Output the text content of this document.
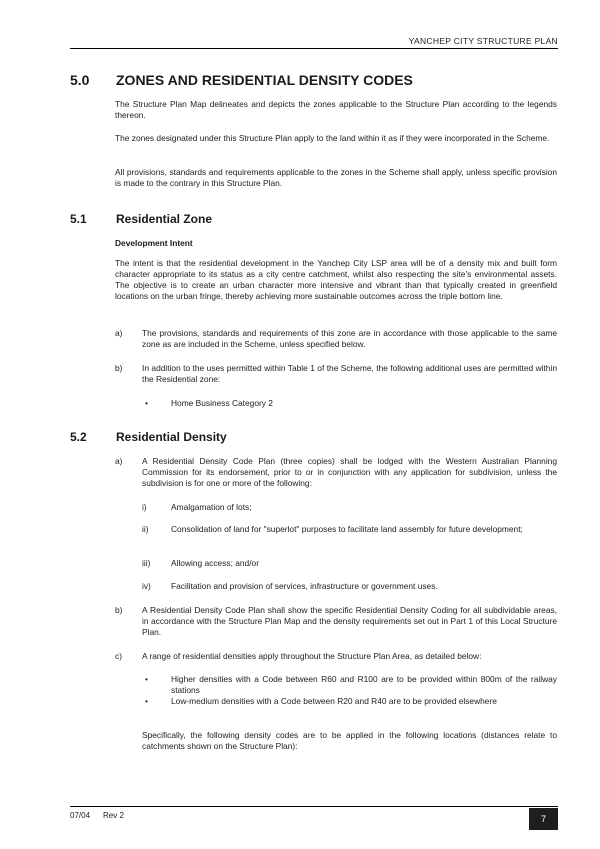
YANCHEP CITY STRUCTURE PLAN
5.0 ZONES AND RESIDENTIAL DENSITY CODES
The Structure Plan Map delineates and depicts the zones applicable to the Structure Plan according to the legends thereon.
The zones designated under this Structure Plan apply to the land within it as if they were incorporated in the Scheme.
All provisions, standards and requirements applicable to the zones in the Scheme shall apply, unless specific provision is made to the contrary in this Structure Plan.
5.1 Residential Zone
Development Intent
The intent is that the residential development in the Yanchep City LSP area will be of a density mix and built form character appropriate to its status as a city centre catchment, whilst also respecting the site’s environmental assets. The objective is to create an urban character more intensive and vibrant than that typically created in greenfield locations on the urban fringe, thereby achieving more sustainable outcomes across the triple bottom line.
a) The provisions, standards and requirements of this zone are in accordance with those applicable to the same zone as are included in the Scheme, unless specified below.
b) In addition to the uses permitted within Table 1 of the Scheme, the following additional uses are permitted within the Residential zone:
•	Home Business Category 2
5.2 Residential Density
a) A Residential Density Code Plan (three copies) shall be lodged with the Western Australian Planning Commission for its endorsement, prior to or in conjunction with any application for subdivision, unless the subdivision is for one or more of the following:
i)	Amalgamation of lots;
ii)	Consolidation of land for "superlot" purposes to facilitate land assembly for future development;
iii) Allowing access; and/or
iv) Facilitation and provision of services, infrastructure or government uses.
b) A Residential Density Code Plan shall show the specific Residential Density Coding for all subdividable areas, in accordance with the Structure Plan Map and the density requirements set out in Part 1 of this Local Structure Plan.
c) A range of residential densities apply throughout the Structure Plan Area, as detailed below:
•	Higher densities with a Code between R60 and R100 are to be provided within 800m of the railway stations
•	Low-medium densities with a Code between R20 and R40 are to be provided elsewhere
Specifically, the following density codes are to be applied in the following locations (distances relate to catchments shown on the Structure Plan):
07/04 Rev 2	7
